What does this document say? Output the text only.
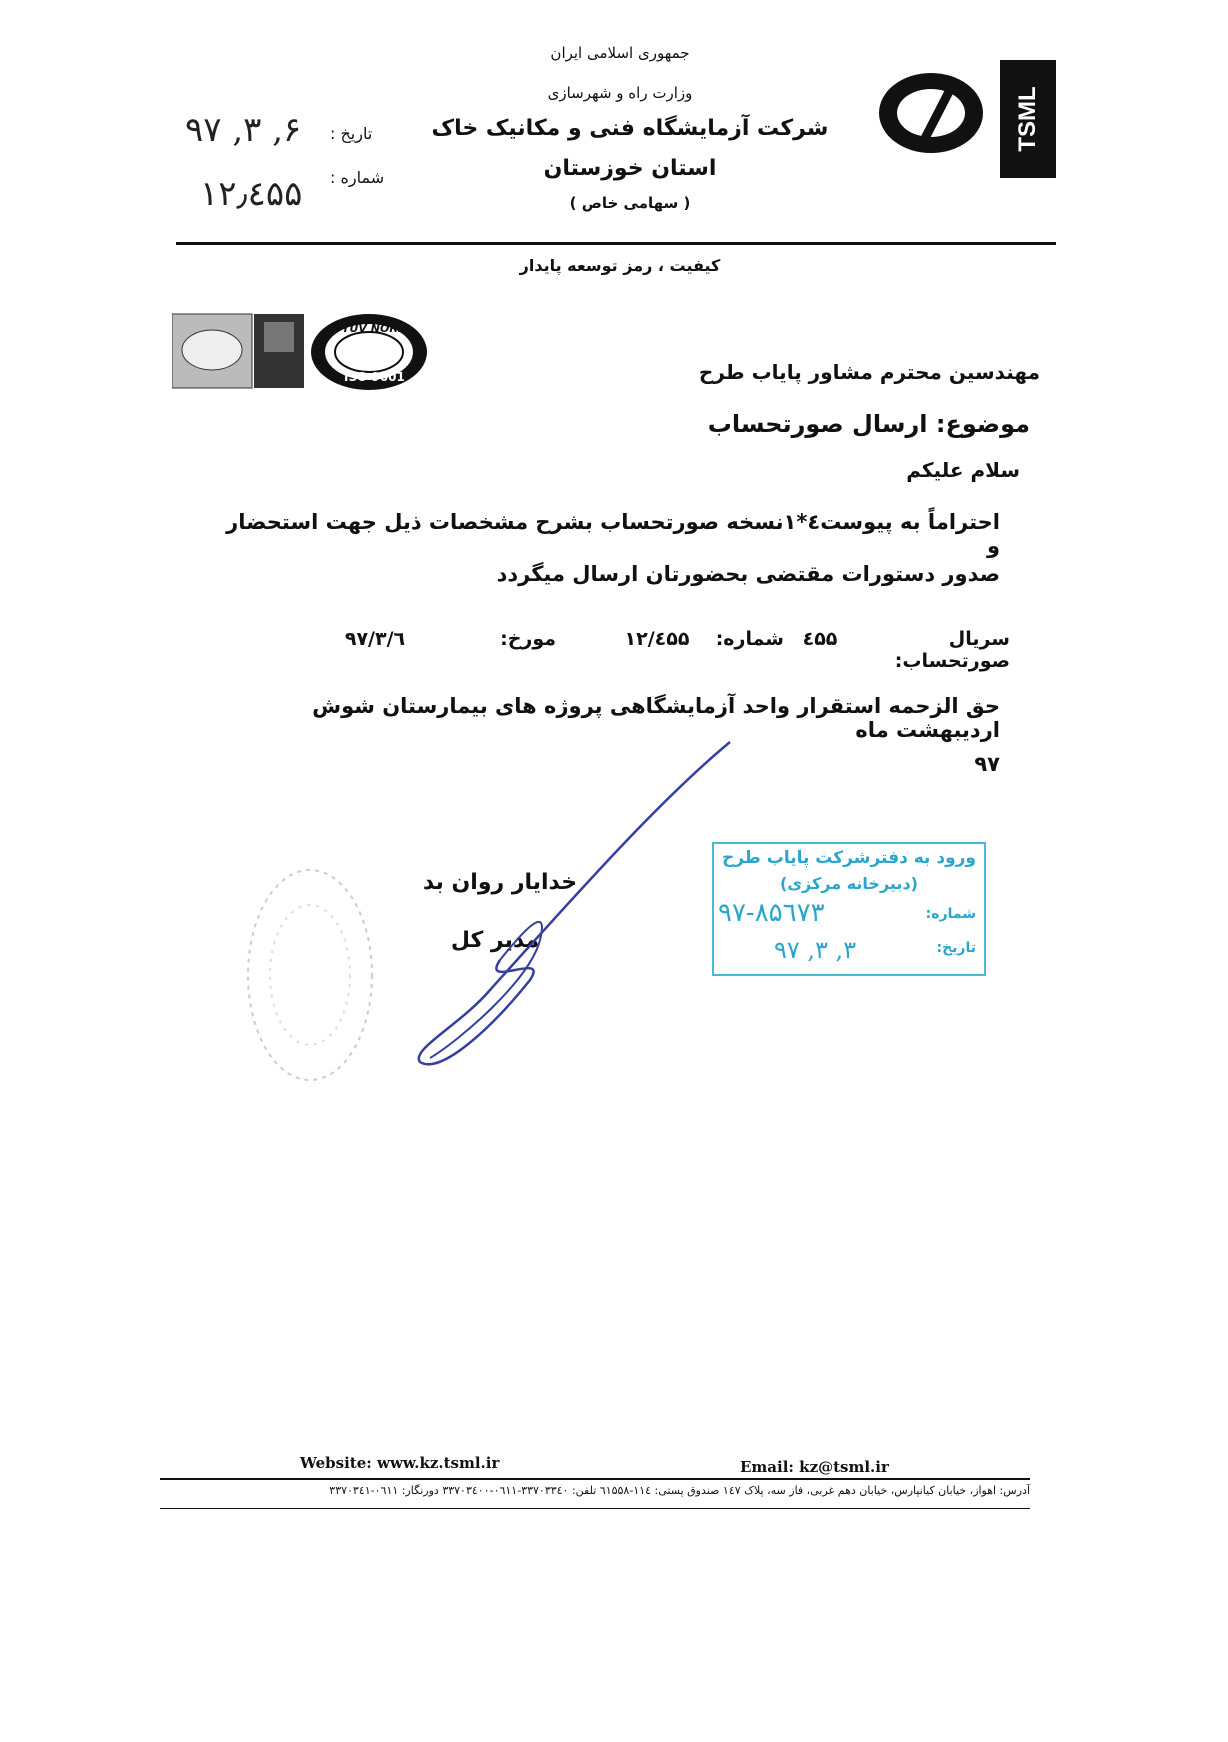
جمهوری اسلامی ایران
وزارت راه و شهرسازی
شرکت آزمایشگاه فنی و مکانیک خاک
استان خوزستان
( سهامی خاص )
تاریخ :
شماره :
۹۷ ,۳ ,۶
۱۲٫٤۵۵
TSML
کیفیت ، رمز توسعه پایدار
TÜV NORD
ISO 9001	مهندسین محترم مشاور پایاب طرح
موضوع: ارسال صورتحساب
سلام علیکم
احتراماً به پیوست٤*۱نسخه صورتحساب بشرح مشخصات ذیل جهت استحضار و
صدور دستورات مقتضی بحضورتان ارسال میگردد
سریال صورتحساب:
٤۵۵
شماره:
۱۲/٤۵۵
مورخ:
۹۷/۳/٦
حق الزحمه استقرار واحد آزمایشگاهی پروژه های بیمارستان شوش اردیبهشت ماه
۹۷
خدایار روان بد
مدیر کل
ورود به دفترشرکت پایاب طرح
(دبیرخانه مرکزی)
شماره:
تاریخ:
۹۷-۸۵٦۷۳
۹۷ ,۳ ,۳
Website: www.kz.tsml.ir	Email: kz@tsml.ir
آدرس: اهواز، خیابان کیانپارس، خیابان دهم غربی، فاز سه، پلاک ۱٤۷ صندوق پستی: ۱۱٤-٦۱۵۵۸ تلفن: ۳۳۷۰۳۳٤۰-۰٦۱۱-۳۳۷۰۳٤۰۰ دورنگار: ۰٦۱۱-۳۳۷۰۳٤۱
